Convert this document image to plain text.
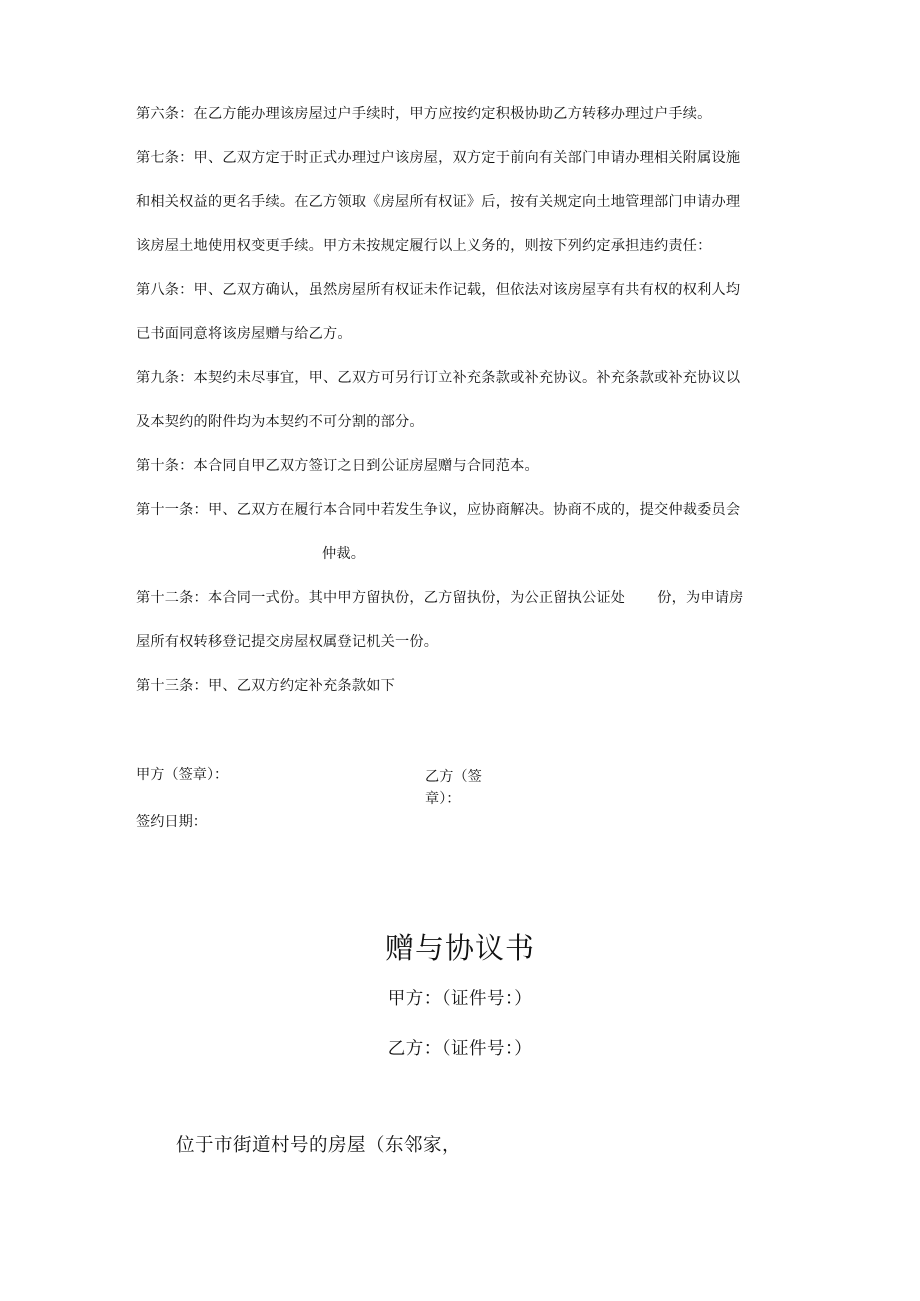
第六条：在乙方能办理该房屋过户手续时，甲方应按约定积极协助乙方转移办理过户手续。

第七条：甲、乙双方定于时正式办理过户该房屋，双方定于前向有关部门申请办理相关附属设施
和相关权益的更名手续。在乙方领取《房屋所有权证》后，按有关规定向土地管理部门申请办理
该房屋土地使用权变更手续。甲方未按规定履行以上义务的，则按下列约定承担违约责任：

第八条：甲、乙双方确认，虽然房屋所有权证未作记载，但依法对该房屋享有共有权的权利人均
已书面同意将该房屋赠与给乙方。

第九条：本契约未尽事宜，甲、乙双方可另行订立补充条款或补充协议。补充条款或补充协议以
及本契约的附件均为本契约不可分割的部分。

第十条：本合同自甲乙双方签订之日到公证房屋赠与合同范本。

第十一条：甲、乙双方在履行本合同中若发生争议，应协商解决。协商不成的，提交仲裁委员会
仲裁。

第十二条：本合同一式份。其中甲方留执份，乙方留执份，为公正留执公证处 份，为申请房
屋所有权转移登记提交房屋权属登记机关一份。

第十三条：甲、乙双方约定补充条款如下

甲方（签章）：	乙方（签章）：
签约日期：
赠与协议书
甲方：（证件号：）
乙方：（证件号：）
位于市街道村号的房屋（东邻家，
